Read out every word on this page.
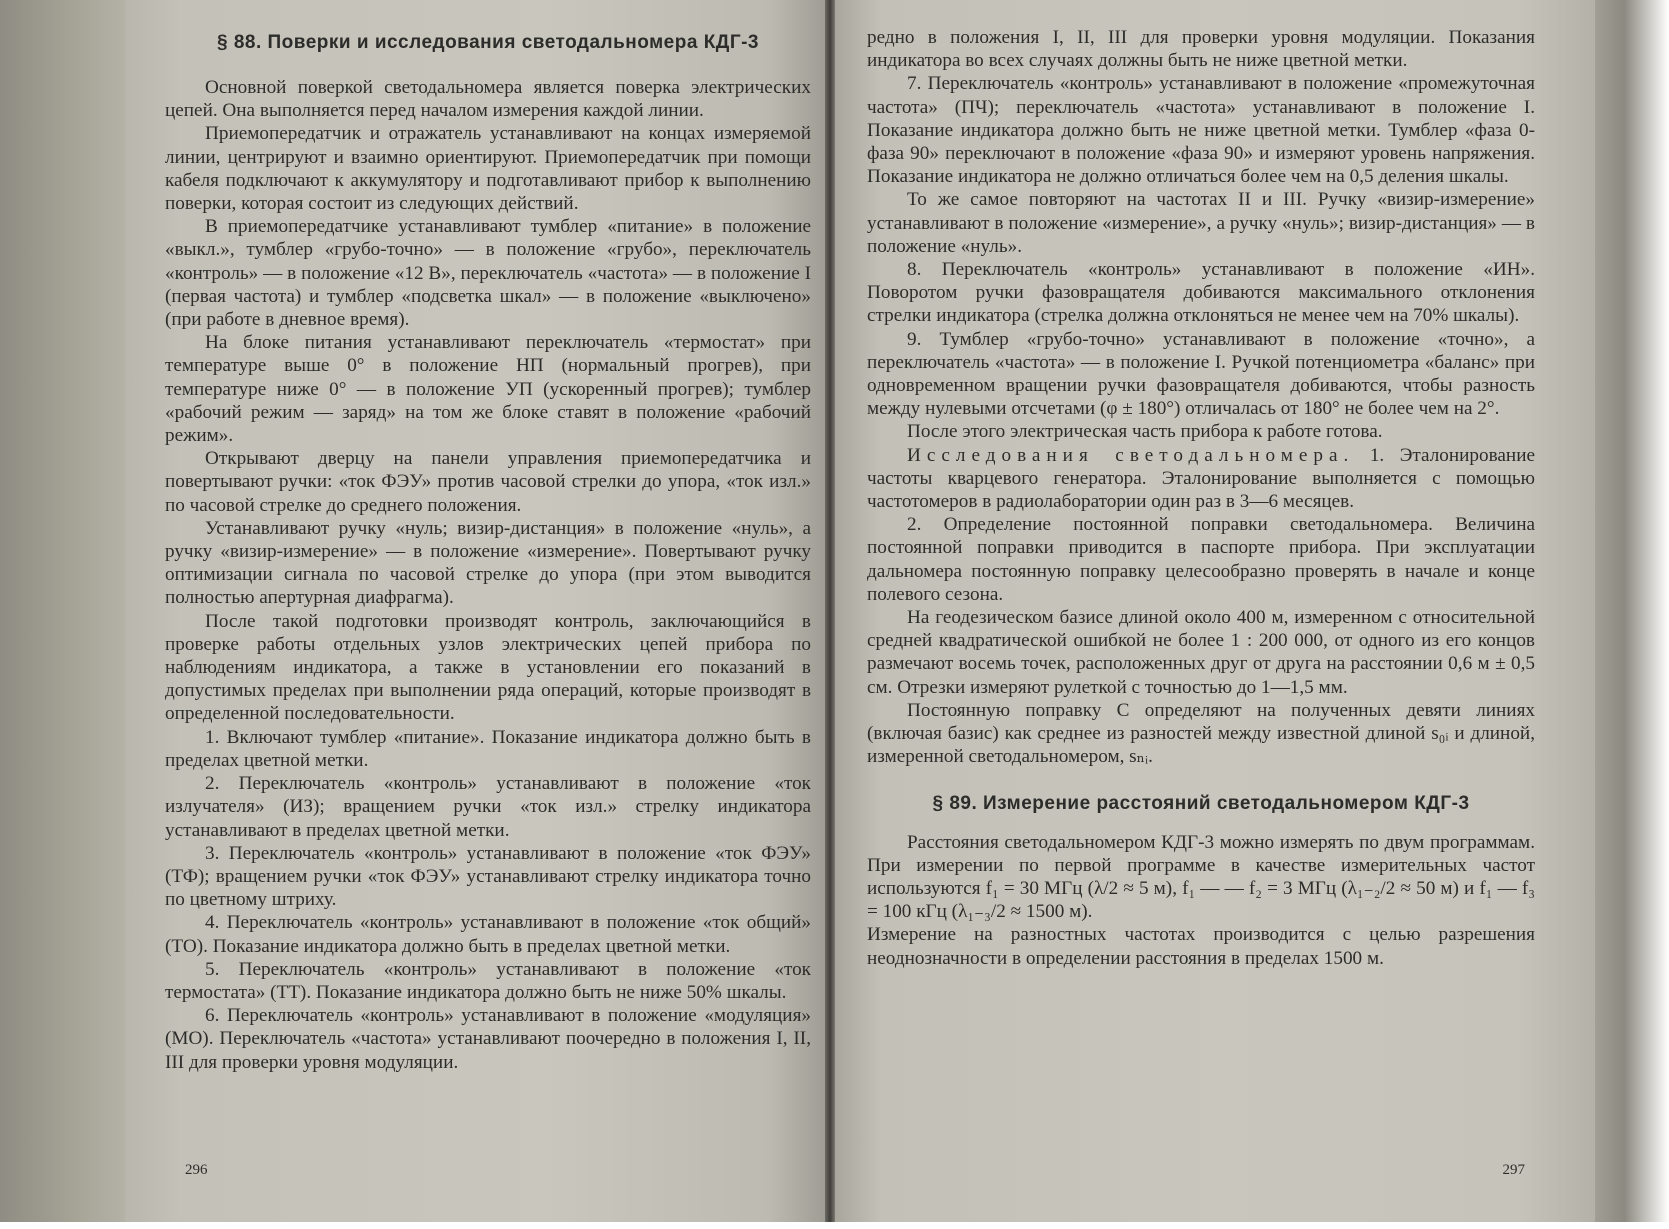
§ 88. Поверки и исследования светодальномера КДГ-3

Основной поверкой светодальномера является поверка электрических цепей. Она выполняется перед началом измерения каждой линии.

Приемопередатчик и отражатель устанавливают на концах измеряемой линии, центрируют и взаимно ориентируют. Приемопередатчик при помощи кабеля подключают к аккумулятору и подготавливают прибор к выполнению поверки, которая состоит из следующих действий.

В приемопередатчике устанавливают тумблер «питание» в положение «выкл.», тумблер «грубо-точно» — в положение «грубо», переключатель «контроль» — в положение «12 В», переключатель «частота» — в положение I (первая частота) и тумблер «подсветка шкал» — в положение «выключено» (при работе в дневное время).

На блоке питания устанавливают переключатель «термостат» при температуре выше 0° в положение НП (нормальный прогрев), при температуре ниже 0° — в положение УП (ускоренный прогрев); тумблер «рабочий режим — заряд» на том же блоке ставят в положение «рабочий режим».

Открывают дверцу на панели управления приемопередатчика и повертывают ручки: «ток ФЭУ» против часовой стрелки до упора, «ток изл.» по часовой стрелке до среднего положения.

Устанавливают ручку «нуль; визир-дистанция» в положение «нуль», а ручку «визир-измерение» — в положение «измерение». Повертывают ручку оптимизации сигнала по часовой стрелке до упора (при этом выводится полностью апертурная диафрагма).

После такой подготовки производят контроль, заключающийся в проверке работы отдельных узлов электрических цепей прибора по наблюдениям индикатора, а также в установлении его показаний в допустимых пределах при выполнении ряда операций, которые производят в определенной последовательности.

1. Включают тумблер «питание». Показание индикатора должно быть в пределах цветной метки.

2. Переключатель «контроль» устанавливают в положение «ток излучателя» (ИЗ); вращением ручки «ток изл.» стрелку индикатора устанавливают в пределах цветной метки.

3. Переключатель «контроль» устанавливают в положение «ток ФЭУ» (ТФ); вращением ручки «ток ФЭУ» устанавливают стрелку индикатора точно по цветному штриху.

4. Переключатель «контроль» устанавливают в положение «ток общий» (ТО). Показание индикатора должно быть в пределах цветной метки.

5. Переключатель «контроль» устанавливают в положение «ток термостата» (ТТ). Показание индикатора должно быть не ниже 50% шкалы.

6. Переключатель «контроль» устанавливают в положение «модуляция» (МО). Переключатель «частота» устанавливают поочередно в положения I, II, III для проверки уровня модуляции.

296

редно в положения I, II, III для проверки уровня модуляции. Показания индикатора во всех случаях должны быть не ниже цветной метки.

7. Переключатель «контроль» устанавливают в положение «промежуточная частота» (ПЧ); переключатель «частота» устанавливают в положение I. Показание индикатора должно быть не ниже цветной метки. Тумблер «фаза 0-фаза 90» переключают в положение «фаза 90» и измеряют уровень напряжения. Показание индикатора не должно отличаться более чем на 0,5 деления шкалы.

То же самое повторяют на частотах II и III. Ручку «визир-измерение» устанавливают в положение «измерение», а ручку «нуль»; визир-дистанция» — в положение «нуль».

8. Переключатель «контроль» устанавливают в положение «ИН». Поворотом ручки фазовращателя добиваются максимального отклонения стрелки индикатора (стрелка должна отклоняться не менее чем на 70% шкалы).

9. Тумблер «грубо-точно» устанавливают в положение «точно», а переключатель «частота» — в положение I. Ручкой потенциометра «баланс» при одновременном вращении ручки фазовращателя добиваются, чтобы разность между нулевыми отсчетами (φ ± 180°) отличалась от 180° не более чем на 2°.

После этого электрическая часть прибора к работе готова.

Исследования светодальномера. 1. Эталонирование частоты кварцевого генератора. Эталонирование выполняется с помощью частотомеров в радиолаборатории один раз в 3—6 месяцев.

2. Определение постоянной поправки светодальномера. Величина постоянной поправки приводится в паспорте прибора. При эксплуатации дальномера постоянную поправку целесообразно проверять в начале и конце полевого сезона.

На геодезическом базисе длиной около 400 м, измеренном с относительной средней квадратической ошибкой не более 1 : 200 000, от одного из его концов размечают восемь точек, расположенных друг от друга на расстоянии 0,6 м ± 0,5 см. Отрезки измеряют рулеткой с точностью до 1—1,5 мм.

Постоянную поправку C определяют на полученных девяти линиях (включая базис) как среднее из разностей между известной длиной s₀ᵢ и длиной, измеренной светодальномером, sₙᵢ.

§ 89. Измерение расстояний светодальномером КДГ-3

Расстояния светодальномером КДГ-3 можно измерять по двум программам. При измерении по первой программе в качестве измерительных частот используются f₁ = 30 МГц (λ/2 ≈ 5 м), f₁ — — f₂ = 3 МГц (λ₁₋₂/2 ≈ 50 м) и f₁ — f₃ = 100 кГц (λ₁₋₃/2 ≈ 1500 м).

Измерение на разностных частотах производится с целью разрешения неоднозначности в определении расстояния в пределах 1500 м.

297
